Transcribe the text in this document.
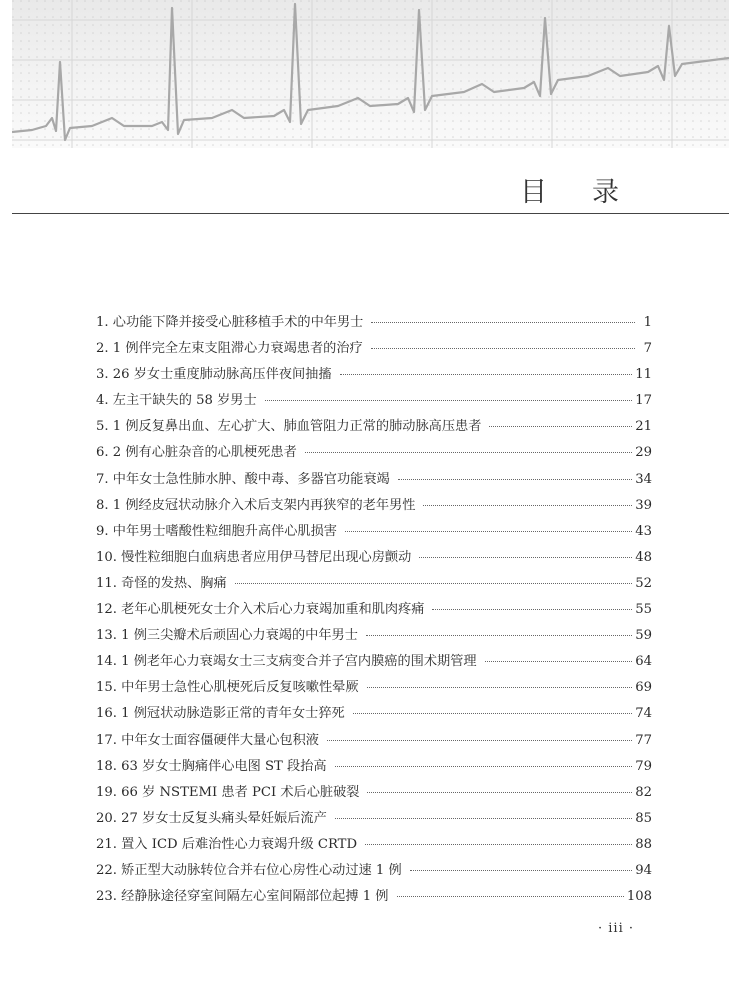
目录
1. 心功能下降并接受心脏移植手术的中年男士	1
2. 1 例伴完全左束支阻滞心力衰竭患者的治疗	7
3. 26 岁女士重度肺动脉高压伴夜间抽搐	11
4. 左主干缺失的 58 岁男士	17
5. 1 例反复鼻出血、左心扩大、肺血管阻力正常的肺动脉高压患者	21
6. 2 例有心脏杂音的心肌梗死患者	29
7. 中年女士急性肺水肿、酸中毒、多器官功能衰竭	34
8. 1 例经皮冠状动脉介入术后支架内再狭窄的老年男性	39
9. 中年男士嗜酸性粒细胞升高伴心肌损害	43
10. 慢性粒细胞白血病患者应用伊马替尼出现心房颤动	48
11. 奇怪的发热、胸痛	52
12. 老年心肌梗死女士介入术后心力衰竭加重和肌肉疼痛	55
13. 1 例三尖瓣术后顽固心力衰竭的中年男士	59
14. 1 例老年心力衰竭女士三支病变合并子宫内膜癌的围术期管理	64
15. 中年男士急性心肌梗死后反复咳嗽性晕厥	69
16. 1 例冠状动脉造影正常的青年女士猝死	74
17. 中年女士面容僵硬伴大量心包积液	77
18. 63 岁女士胸痛伴心电图 ST 段抬高	79
19. 66 岁 NSTEMI 患者 PCI 术后心脏破裂	82
20. 27 岁女士反复头痛头晕妊娠后流产	85
21. 置入 ICD 后难治性心力衰竭升级 CRTD	88
22. 矫正型大动脉转位合并右位心房性心动过速 1 例	94
23. 经静脉途径穿室间隔左心室间隔部位起搏 1 例	108
· iii ·
